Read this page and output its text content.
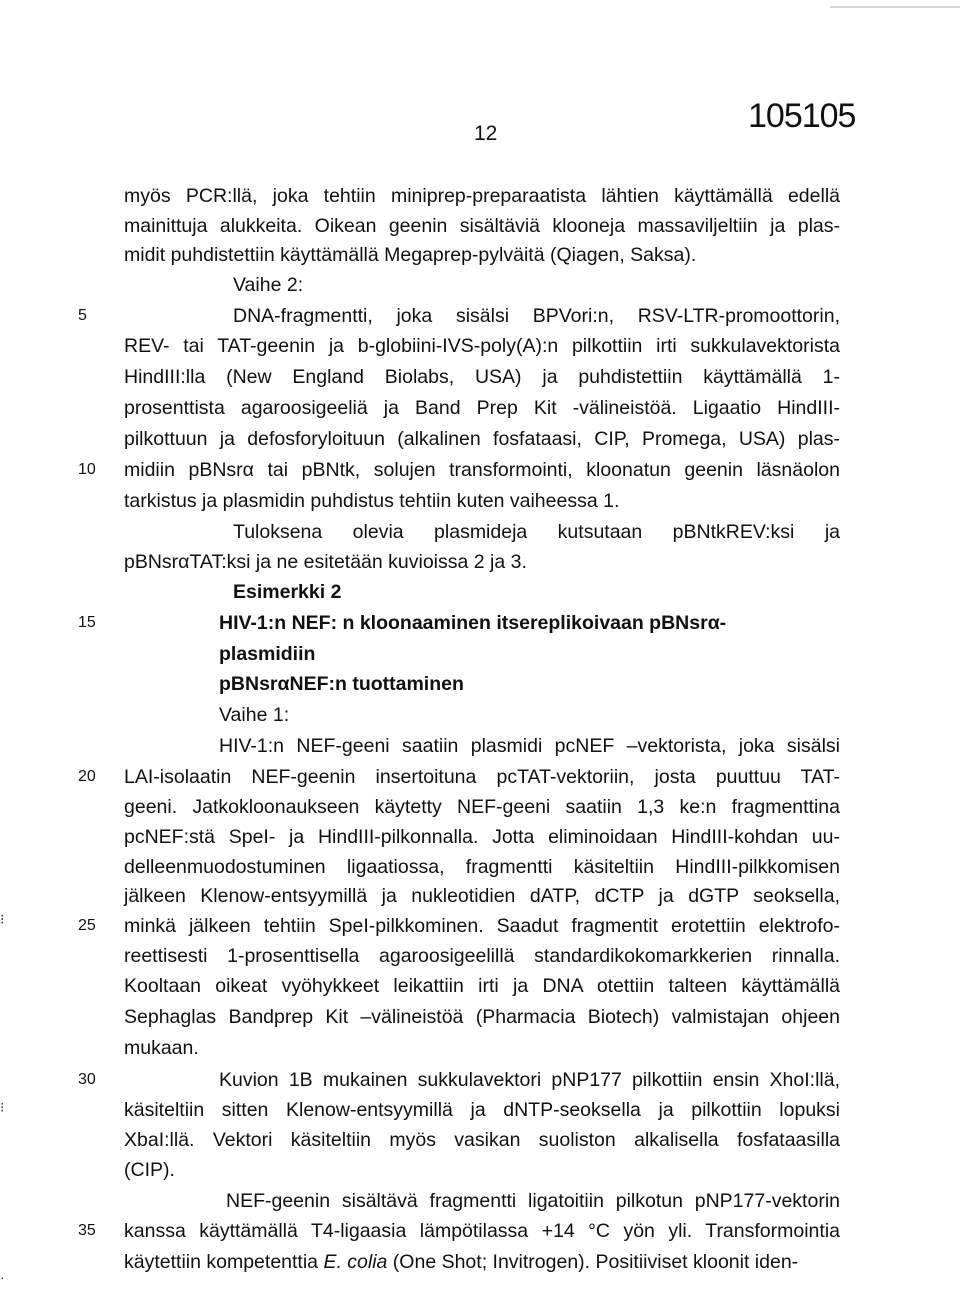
12	105105
5
10
15
20
25
30
35
⁝
⁝
·
myös PCR:llä, joka tehtiin miniprep-preparaatista lähtien käyttämällä edellä
mainittuja alukkeita. Oikean geenin sisältäviä klooneja massaviljeltiin ja plas-
midit puhdistettiin käyttämällä Megaprep-pylväitä (Qiagen, Saksa).
Vaihe 2:
DNA-fragmentti, joka sisälsi BPVori:n, RSV-LTR-promoottorin,
REV- tai TAT-geenin ja b-globiini-IVS-poly(A):n pilkottiin irti sukkulavektorista
HindIII:lla (New England Biolabs, USA) ja puhdistettiin käyttämällä 1-
prosenttista agaroosigeeliä ja Band Prep Kit -välineistöä. Ligaatio HindIII-
pilkottuun ja defosforyloituun (alkalinen fosfataasi, CIP, Promega, USA) plas-
midiin pBNsrα tai pBNtk, solujen transformointi, kloonatun geenin läsnäolon
tarkistus ja plasmidin puhdistus tehtiin kuten vaiheessa 1.
Tuloksena olevia plasmideja kutsutaan pBNtkREV:ksi ja
pBNsrαTAT:ksi ja ne esitetään kuvioissa 2 ja 3.
Esimerkki 2
HIV-1:n NEF: n kloonaaminen itsereplikoivaan pBNsrα-
plasmidiin
pBNsrαNEF:n tuottaminen
Vaihe 1:
HIV-1:n NEF-geeni saatiin plasmidi pcNEF –vektorista, joka sisälsi
LAI-isolaatin NEF-geenin insertoituna pcTAT-vektoriin, josta puuttuu TAT-
geeni. Jatkokloonaukseen käytetty NEF-geeni saatiin 1,3 ke:n fragmenttina
pcNEF:stä SpeI- ja HindIII-pilkonnalla. Jotta eliminoidaan HindIII-kohdan uu-
delleenmuodostuminen ligaatiossa, fragmentti käsiteltiin HindIII-pilkkomisen
jälkeen Klenow-entsyymillä ja nukleotidien dATP, dCTP ja dGTP seoksella,
minkä jälkeen tehtiin SpeI-pilkkominen. Saadut fragmentit erotettiin elektrofo-
reettisesti 1-prosenttisella agaroosigeelillä standardikokomarkkerien rinnalla.
Kooltaan oikeat vyöhykkeet leikattiin irti ja DNA otettiin talteen käyttämällä
Sephaglas Bandprep Kit –välineistöä (Pharmacia Biotech) valmistajan ohjeen
mukaan.
Kuvion 1B mukainen sukkulavektori pNP177 pilkottiin ensin XhoI:llä,
käsiteltiin sitten Klenow-entsyymillä ja dNTP-seoksella ja pilkottiin lopuksi
XbaI:llä. Vektori käsiteltiin myös vasikan suoliston alkalisella fosfataasilla
(CIP).
NEF-geenin sisältävä fragmentti ligatoitiin pilkotun pNP177-vektorin
kanssa käyttämällä T4-ligaasia lämpötilassa +14 °C yön yli. Transformointia
käytettiin kompetenttia E. colia (One Shot; Invitrogen). Positiiviset kloonit iden-
